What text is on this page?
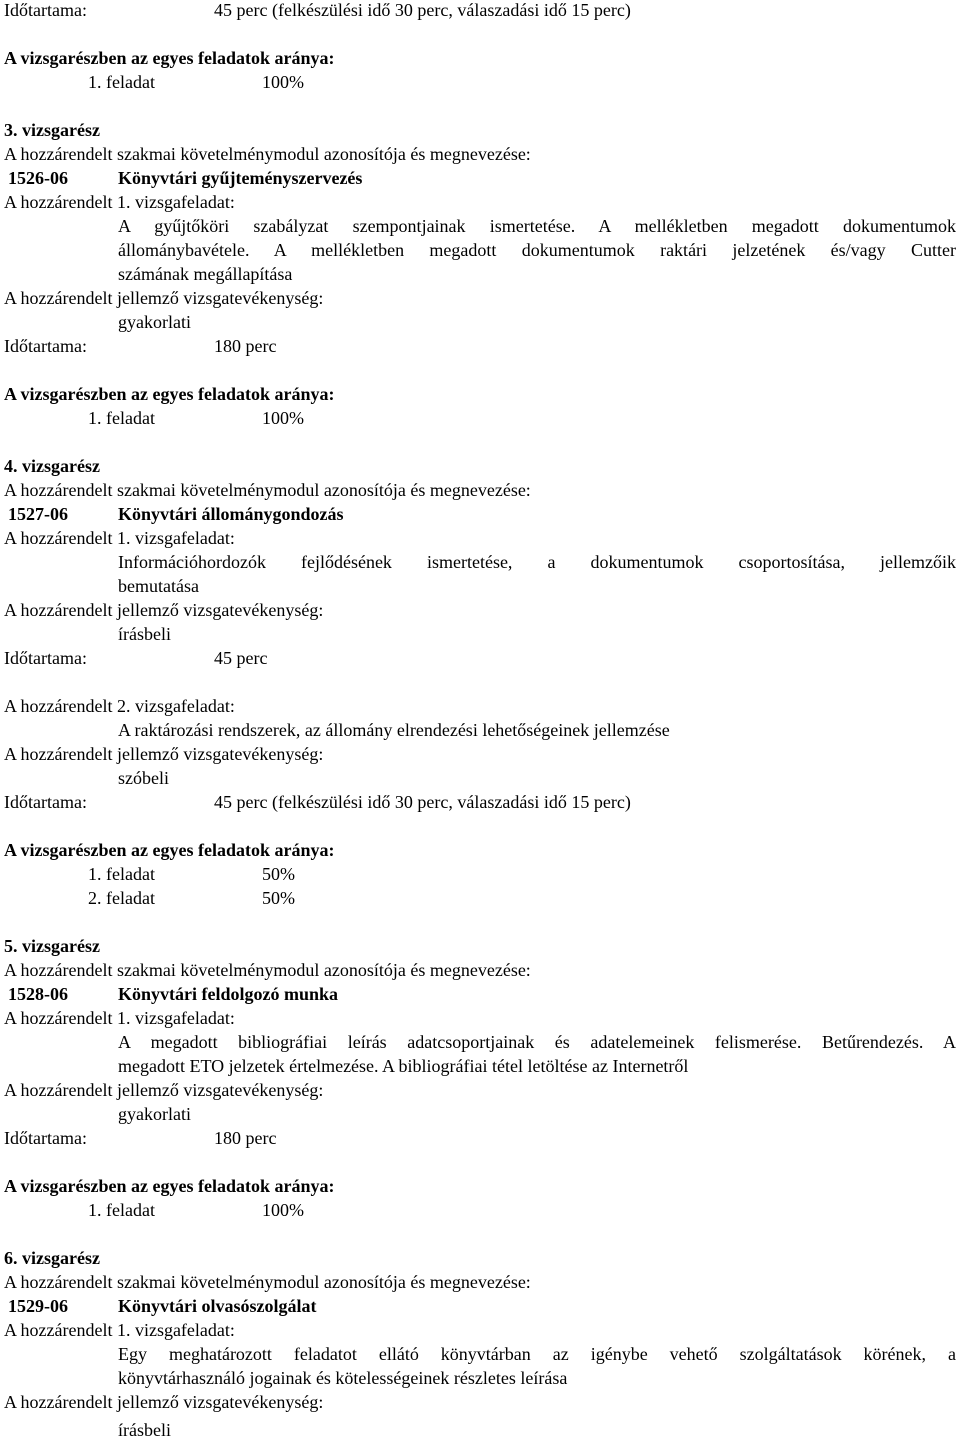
Időtartama:	45 perc (felkészülési idő 30 perc, válaszadási idő 15 perc)
A vizsgarészben az egyes feladatok aránya:
1. feladat	100%
3. vizsgarész
A hozzárendelt szakmai követelménymodul azonosítója és megnevezése:
1526-06	Könyvtári gyűjteményszervezés
A hozzárendelt 1. vizsgafeladat:
A gyűjtőköri szabályzat szempontjainak ismertetése. A mellékletben megadott dokumentumok
állománybavétele. A mellékletben megadott dokumentumok raktári jelzetének és/vagy Cutter
számának megállapítása
A hozzárendelt jellemző vizsgatevékenység:
gyakorlati
Időtartama:	180 perc
A vizsgarészben az egyes feladatok aránya:
1. feladat	100%
4. vizsgarész
A hozzárendelt szakmai követelménymodul azonosítója és megnevezése:
1527-06	Könyvtári állománygondozás
A hozzárendelt 1. vizsgafeladat:
Információhordozók fejlődésének ismertetése, a dokumentumok csoportosítása, jellemzőik
bemutatása
A hozzárendelt jellemző vizsgatevékenység:
írásbeli
Időtartama:	45 perc
A hozzárendelt 2. vizsgafeladat:
A raktározási rendszerek, az állomány elrendezési lehetőségeinek jellemzése
A hozzárendelt jellemző vizsgatevékenység:
szóbeli
Időtartama:	45 perc (felkészülési idő 30 perc, válaszadási idő 15 perc)
A vizsgarészben az egyes feladatok aránya:
1. feladat	50%
2. feladat	50%
5. vizsgarész
A hozzárendelt szakmai követelménymodul azonosítója és megnevezése:
1528-06	Könyvtári feldolgozó munka
A hozzárendelt 1. vizsgafeladat:
A megadott bibliográfiai leírás adatcsoportjainak és adatelemeinek felismerése. Betűrendezés. A
megadott ETO jelzetek értelmezése. A bibliográfiai tétel letöltése az Internetről
A hozzárendelt jellemző vizsgatevékenység:
gyakorlati
Időtartama:	180 perc
A vizsgarészben az egyes feladatok aránya:
1. feladat	100%
6. vizsgarész
A hozzárendelt szakmai követelménymodul azonosítója és megnevezése:
1529-06	Könyvtári olvasószolgálat
A hozzárendelt 1. vizsgafeladat:
Egy meghatározott feladatot ellátó könyvtárban az igénybe vehető szolgáltatások körének, a
könyvtárhasználó jogainak és kötelességeinek részletes leírása
A hozzárendelt jellemző vizsgatevékenység:
írásbeli
